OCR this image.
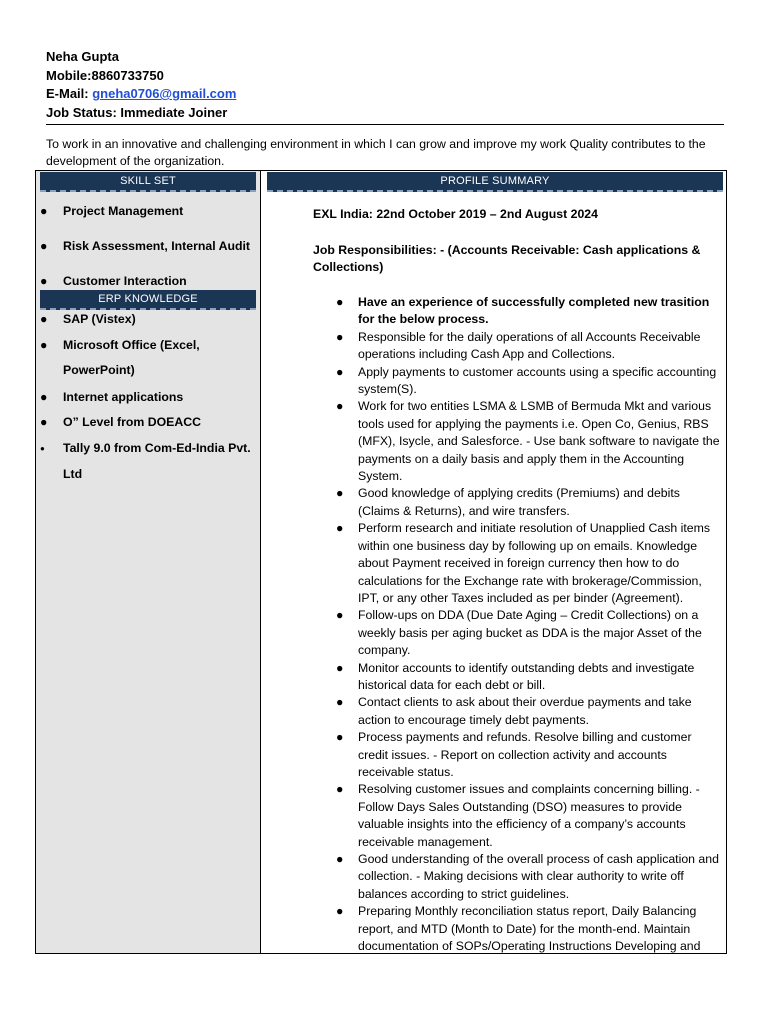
Neha Gupta
Mobile:8860733750
E-Mail: gneha0706@gmail.com
Job Status: Immediate Joiner
To work in an innovative and challenging environment in which I can grow and improve my work Quality contributes to the development of the organization.
SKILL SET
ERP KNOWLEDGE
PROFILE SUMMARY
● Project Management
● Risk Assessment, Internal Audit
● Customer Interaction
● SAP (Vistex)
● Microsoft Office (Excel,
PowerPoint)
● Internet applications
● O” Level from DOEACC
● Tally 9.0 from Com-Ed-India Pvt.
Ltd
EXL India: 22nd October 2019 – 2nd August 2024
Job Responsibilities: - (Accounts Receivable: Cash applications & Collections)
● Have an experience of successfully completed new trasition for the below process.
● Responsible for the daily operations of all Accounts Receivable operations including Cash App and Collections.
● Apply payments to customer accounts using a specific accounting system(S).
● Work for two entities LSMA & LSMB of Bermuda Mkt and various tools used for applying the payments i.e. Open Co, Genius, RBS (MFX), Isycle, and Salesforce. - Use bank software to navigate the payments on a daily basis and apply them in the Accounting System.
● Good knowledge of applying credits (Premiums) and debits (Claims & Returns), and wire transfers.
● Perform research and initiate resolution of Unapplied Cash items within one business day by following up on emails. Knowledge about Payment received in foreign currency then how to do calculations for the Exchange rate with brokerage/Commission, IPT, or any other Taxes included as per binder (Agreement).
● Follow-ups on DDA (Due Date Aging – Credit Collections) on a weekly basis per aging bucket as DDA is the major Asset of the company.
● Monitor accounts to identify outstanding debts and investigate historical data for each debt or bill.
● Contact clients to ask about their overdue payments and take action to encourage timely debt payments.
● Process payments and refunds. Resolve billing and customer credit issues. - Report on collection activity and accounts receivable status.
● Resolving customer issues and complaints concerning billing. - Follow Days Sales Outstanding (DSO) measures to provide valuable insights into the efficiency of a company’s accounts receivable management.
● Good understanding of the overall process of cash application and collection. - Making decisions with clear authority to write off balances according to strict guidelines.
● Preparing Monthly reconciliation status report, Daily Balancing report, and MTD (Month to Date) for the month-end. Maintain documentation of SOPs/Operating Instructions Developing and
